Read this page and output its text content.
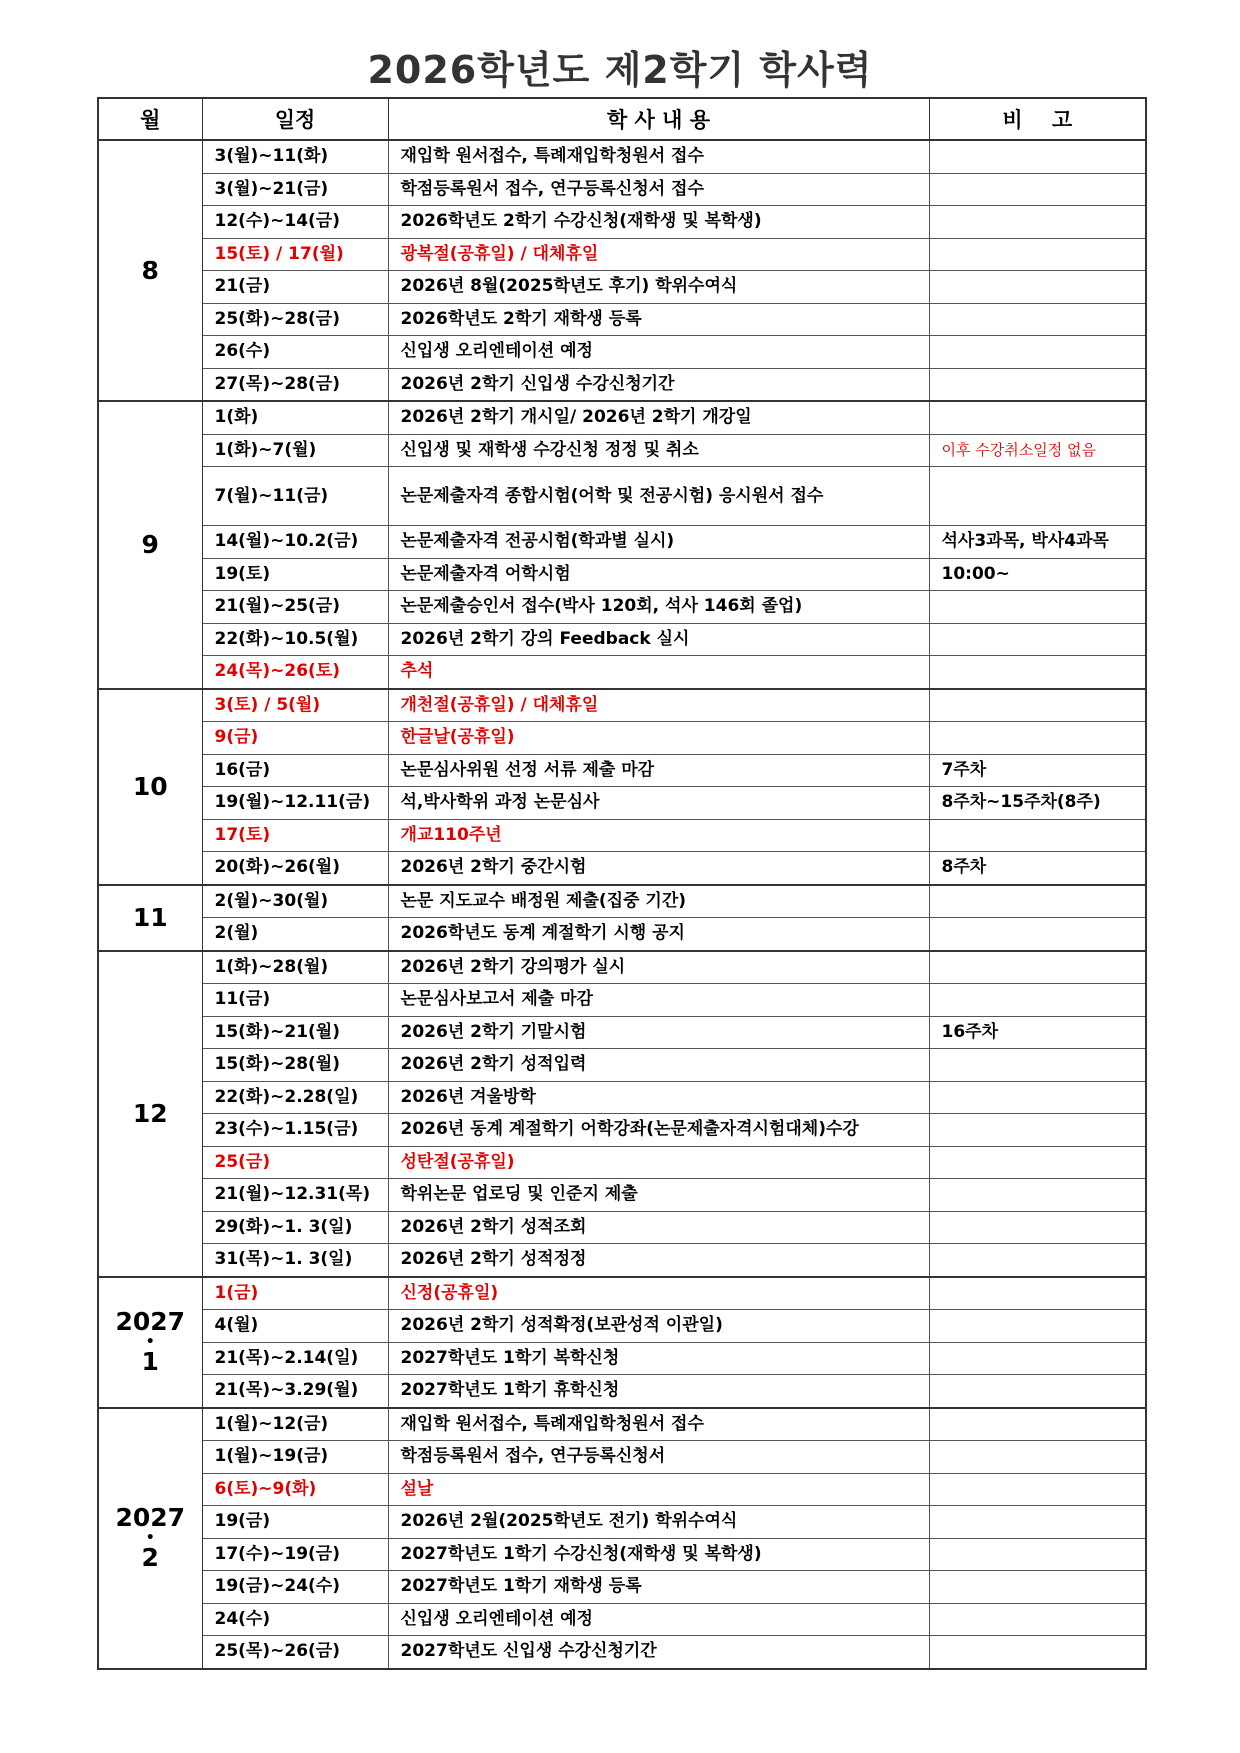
2026학년도 제2학기 학사력
월	일정	학 사 내 용	비    고
8	3(월)~11(화)	재입학 원서접수, 특례재입학청원서 접수	
	3(월)~21(금)	학점등록원서 접수, 연구등록신청서 접수	
	12(수)~14(금)	2026학년도 2학기 수강신청(재학생 및 복학생)	
	15(토) / 17(월)	광복절(공휴일) / 대체휴일	
	21(금)	2026년 8월(2025학년도 후기) 학위수여식	
	25(화)~28(금)	2026학년도 2학기 재학생 등록	
	26(수)	신입생 오리엔테이션 예정	
	27(목)~28(금)	2026년 2학기 신입생 수강신청기간	
9	1(화)	2026년 2학기 개시일/ 2026년 2학기 개강일	
	1(화)~7(월)	신입생 및 재학생 수강신청 정정 및 취소	이후 수강취소일정 없음
	7(월)~11(금)	논문제출자격 종합시험(어학 및 전공시험) 응시원서 접수	
	14(월)~10.2(금)	논문제출자격 전공시험(학과별 실시)	석사3과목, 박사4과목
	19(토)	논문제출자격 어학시험	10:00~
	21(월)~25(금)	논문제출승인서 접수(박사 120회, 석사 146회 졸업)	
	22(화)~10.5(월)	2026년 2학기 강의 Feedback 실시	
	24(목)~26(토)	추석	
10	3(토) / 5(월)	개천절(공휴일) / 대체휴일	
	9(금)	한글날(공휴일)	
	16(금)	논문심사위원 선정 서류 제출 마감	7주차
	19(월)~12.11(금)	석,박사학위 과정 논문심사	8주차~15주차(8주)
	17(토)	개교110주년	
	20(화)~26(월)	2026년 2학기 중간시험	8주차
11	2(월)~30(월)	논문 지도교수 배정원 제출(집중 기간)	
	2(월)	2026학년도 동계 계절학기 시행 공지	
12	1(화)~28(월)	2026년 2학기 강의평가 실시	
	11(금)	논문심사보고서 제출 마감	
	15(화)~21(월)	2026년 2학기 기말시험	16주차
	15(화)~28(월)	2026년 2학기 성적입력	
	22(화)~2.28(일)	2026년 겨울방학	
	23(수)~1.15(금)	2026년 동계 계절학기 어학강좌(논문제출자격시험대체)수강	
	25(금)	성탄절(공휴일)	
	21(월)~12.31(목)	학위논문 업로딩 및 인준지 제출	
	29(화)~1. 3(일)	2026년 2학기 성적조회	
	31(목)~1. 3(일)	2026년 2학기 성적정정	

2027
•
1	1(금)	신정(공휴일)	
	4(월)	2026년 2학기 성적확정(보관성적 이관일)	
	21(목)~2.14(일)	2027학년도 1학기 복학신청	
	21(목)∼3.29(월)	2027학년도 1학기 휴학신청	

2027
•
2	1(월)~12(금)	재입학 원서접수, 특례재입학청원서 접수	
	1(월)~19(금)	학점등록원서 접수, 연구등록신청서	
	6(토)~9(화)	설날	
	19(금)	2026년 2월(2025학년도 전기) 학위수여식	
	17(수)~19(금)	2027학년도 1학기 수강신청(재학생 및 복학생)	
	19(금)~24(수)	2027학년도 1학기 재학생 등록	
	24(수)	신입생 오리엔테이션 예정	
	25(목)~26(금)	2027학년도 신입생 수강신청기간	
